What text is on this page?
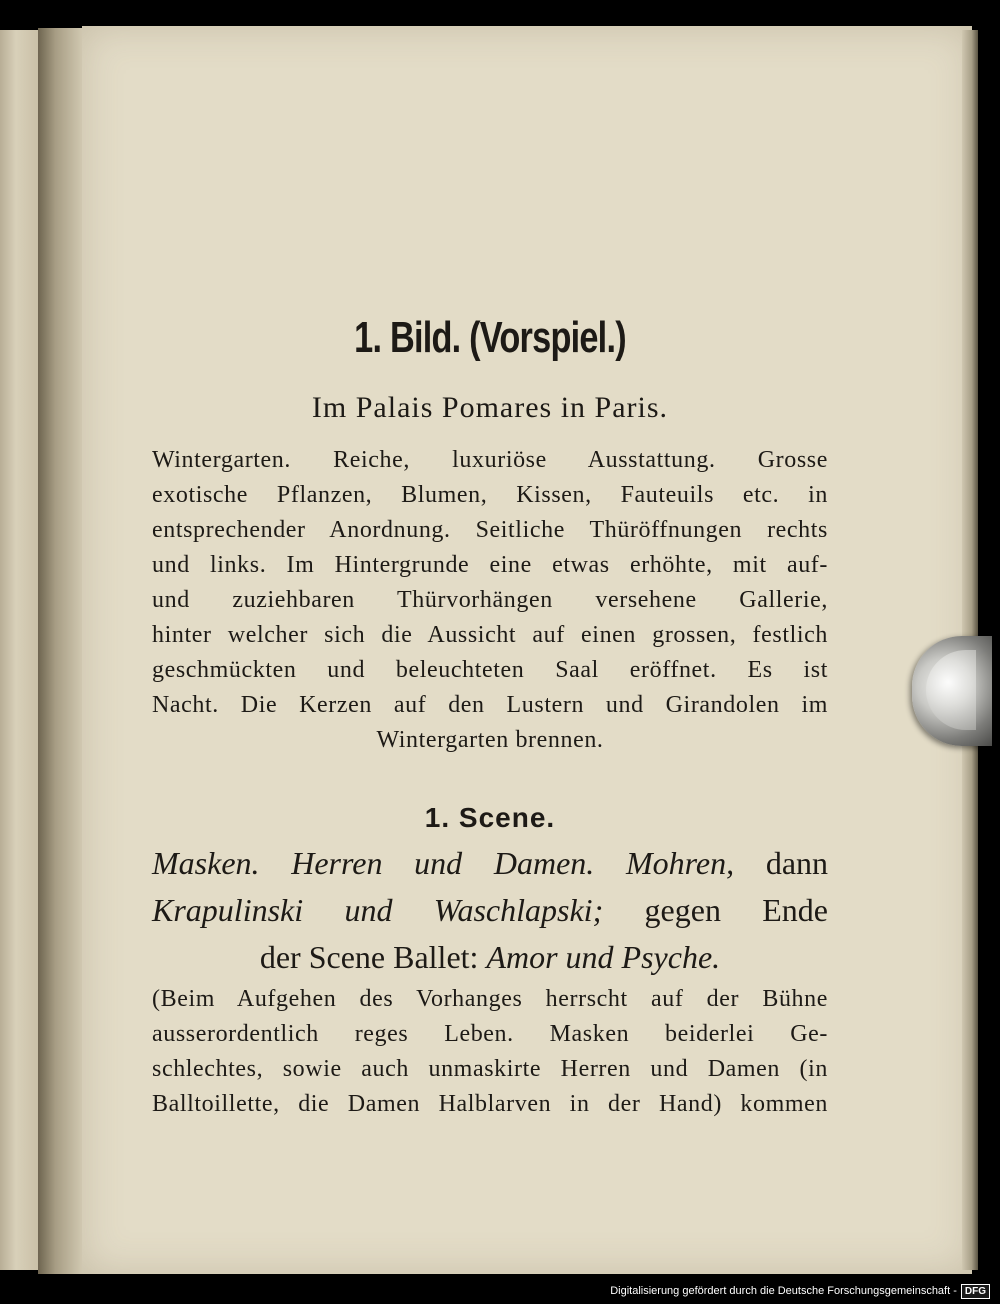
1. Bild. (Vorspiel.)
Im Palais Pomares in Paris.
Wintergarten. Reiche, luxuriöse Ausstattung. Grosse
exotische Pflanzen, Blumen, Kissen, Fauteuils etc. in
entsprechender Anordnung. Seitliche Thüröffnungen rechts
und links. Im Hintergrunde eine etwas erhöhte, mit auf-
und zuziehbaren Thürvorhängen versehene Gallerie,
hinter welcher sich die Aussicht auf einen grossen, festlich
geschmückten und beleuchteten Saal eröffnet. Es ist
Nacht. Die Kerzen auf den Lustern und Girandolen im
Wintergarten brennen.
1. Scene.
Masken. Herren und Damen. Mohren, dann
Krapulinski und Waschlapski; gegen Ende
der Scene Ballet: Amor und Psyche.
(Beim Aufgehen des Vorhanges herrscht auf der Bühne
ausserordentlich reges Leben. Masken beiderlei Ge-
schlechtes, sowie auch unmaskirte Herren und Damen (in
Balltoillette, die Damen Halblarven in der Hand) kommen
Digitalisierung gefördert durch die Deutsche Forschungsgemeinschaft - DFG
